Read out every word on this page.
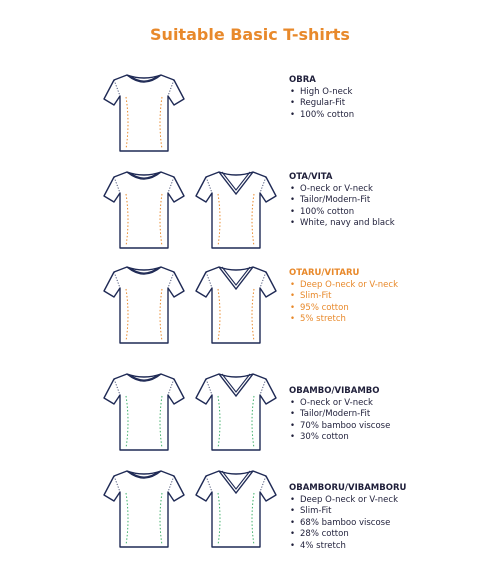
Suitable Basic T-shirts
OBRA
• High O-neck
• Regular-Fit
• 100% cotton
OTA/VITA
• O-neck or V-neck
• Tailor/Modern-Fit
• 100% cotton
• White, navy and black
OTARU/VITARU
• Deep O-neck or V-neck
• Slim-Fit
• 95% cotton
• 5% stretch
OBAMBO/VIBAMBO
• O-neck or V-neck
• Tailor/Modern-Fit
• 70% bamboo viscose
• 30% cotton
OBAMBORU/VIBAMBORU
• Deep O-neck or V-neck
• Slim-Fit
• 68% bamboo viscose
• 28% cotton
• 4% stretch
